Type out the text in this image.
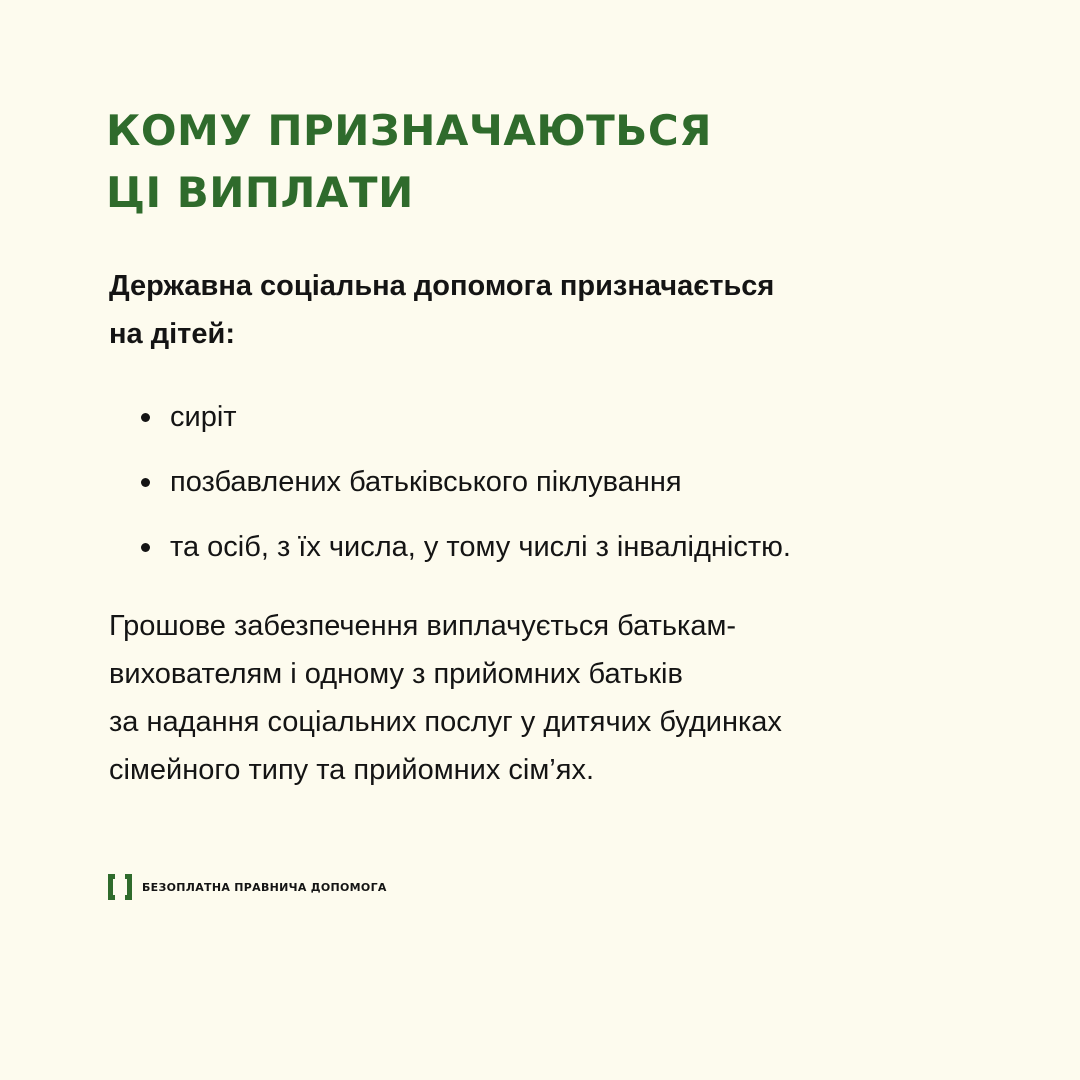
КОМУ ПРИЗНАЧАЮТЬСЯ
ЦІ ВИПЛАТИ

Державна соціальна допомога призначається
на дітей:

сиріт
позбавлених батьківського піклування
та осіб, з їх числа, у тому числі з інвалідністю.
Грошове забезпечення виплачується батькам-
вихователям і одному з прийомних батьків
за надання соціальних послуг у дитячих будинках
сімейного типу та прийомних сім’ях.
БЕЗОПЛАТНА ПРАВНИЧА ДОПОМОГА
